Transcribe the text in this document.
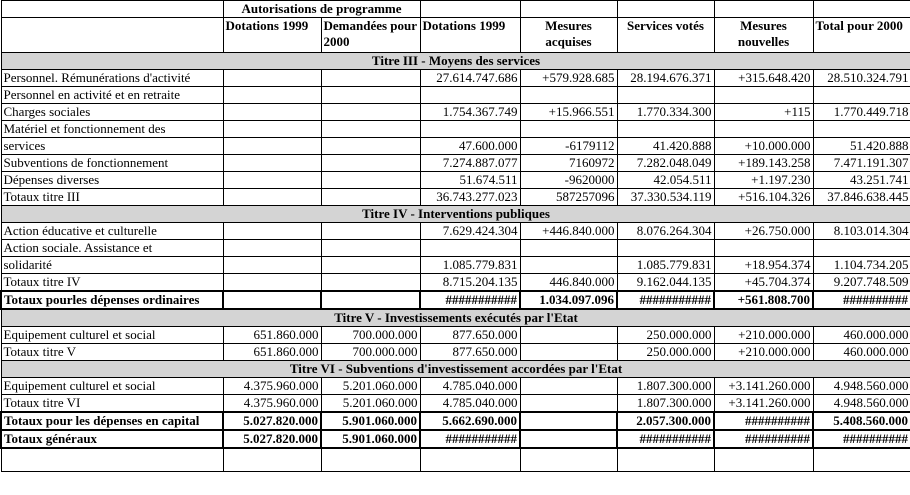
	Autorisations de programme						
	Dotations 1999	Demandées pour 2000	Dotations 1999	Mesures acquises	Services votés	Mesures nouvelles	Total pour 2000
Titre III - Moyens des services							
Personnel. Rémunérations d'activité			27.614.747.686	+579.928.685	28.194.676.371	+315.648.420	28.510.324.791
Personnel en activité et en retraite							
Charges sociales			1.754.367.749	+15.966.551	1.770.334.300	+115	1.770.449.718
Matériel et fonctionnement des							
services			47.600.000	-6179112	41.420.888	+10.000.000	51.420.888
Subventions de fonctionnement			7.274.887.077	7160972	7.282.048.049	+189.143.258	7.471.191.307
Dépenses diverses			51.674.511	-9620000	42.054.511	+1.197.230	43.251.741
Totaux titre III			36.743.277.023	587257096	37.330.534.119	+516.104.326	37.846.638.445
Titre IV - Interventions publiques							
Action éducative et culturelle			7.629.424.304	+446.840.000	8.076.264.304	+26.750.000	8.103.014.304
Action sociale. Assistance et							
solidarité			1.085.779.831		1.085.779.831	+18.954.374	1.104.734.205
Totaux titre IV			8.715.204.135	446.840.000	9.162.044.135	+45.704.374	9.207.748.509
Totaux pourles dépenses ordinaires			###########	1.034.097.096	###########	+561.808.700	##########
Titre V - Investissements exécutés par l'Etat							
Equipement culturel et social	651.860.000	700.000.000	877.650.000		250.000.000	+210.000.000	460.000.000
Totaux titre V	651.860.000	700.000.000	877.650.000		250.000.000	+210.000.000	460.000.000
Titre VI - Subventions d'investissement accordées par l'Etat							
Equipement culturel et social	4.375.960.000	5.201.060.000	4.785.040.000		1.807.300.000	+3.141.260.000	4.948.560.000
Totaux titre VI	4.375.960.000	5.201.060.000	4.785.040.000		1.807.300.000	+3.141.260.000	4.948.560.000
Totaux pour les dépenses en capital	5.027.820.000	5.901.060.000	5.662.690.000		2.057.300.000	##########	5.408.560.000
Totaux généraux	5.027.820.000	5.901.060.000	###########		###########	##########	##########
